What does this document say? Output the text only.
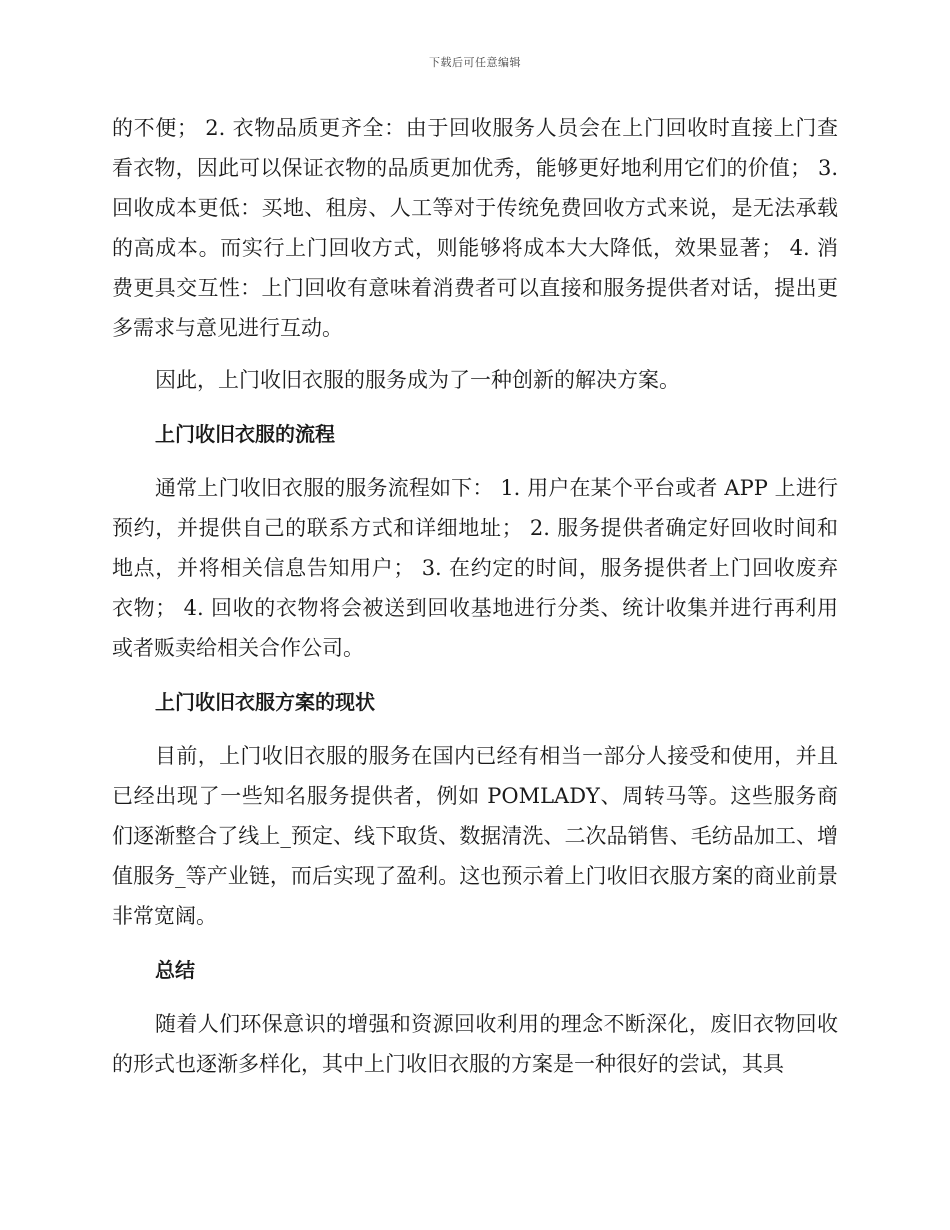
下载后可任意编辑

的不便； 2. 衣物品质更齐全：由于回收服务人员会在上门回收时直接上门查看衣物，因此可以保证衣物的品质更加优秀，能够更好地利用它们的价值； 3. 回收成本更低：买地、租房、人工等对于传统免费回收方式来说，是无法承载的高成本。而实行上门回收方式，则能够将成本大大降低，效果显著； 4. 消费更具交互性：上门回收有意味着消费者可以直接和服务提供者对话，提出更多需求与意见进行互动。

因此，上门收旧衣服的服务成为了一种创新的解决方案。

上门收旧衣服的流程

通常上门收旧衣服的服务流程如下： 1. 用户在某个平台或者 APP 上进行预约，并提供自己的联系方式和详细地址； 2. 服务提供者确定好回收时间和地点，并将相关信息告知用户； 3. 在约定的时间，服务提供者上门回收废弃衣物； 4. 回收的衣物将会被送到回收基地进行分类、统计收集并进行再利用或者贩卖给相关合作公司。

上门收旧衣服方案的现状

目前，上门收旧衣服的服务在国内已经有相当一部分人接受和使用，并且已经出现了一些知名服务提供者，例如 POMLADY、周转马等。这些服务商们逐渐整合了线上_预定、线下取货、数据清洗、二次品销售、毛纺品加工、增值服务_等产业链，而后实现了盈利。这也预示着上门收旧衣服方案的商业前景非常宽阔。

总结

随着人们环保意识的增强和资源回收利用的理念不断深化，废旧衣物回收的形式也逐渐多样化，其中上门收旧衣服的方案是一种很好的尝试，其具
